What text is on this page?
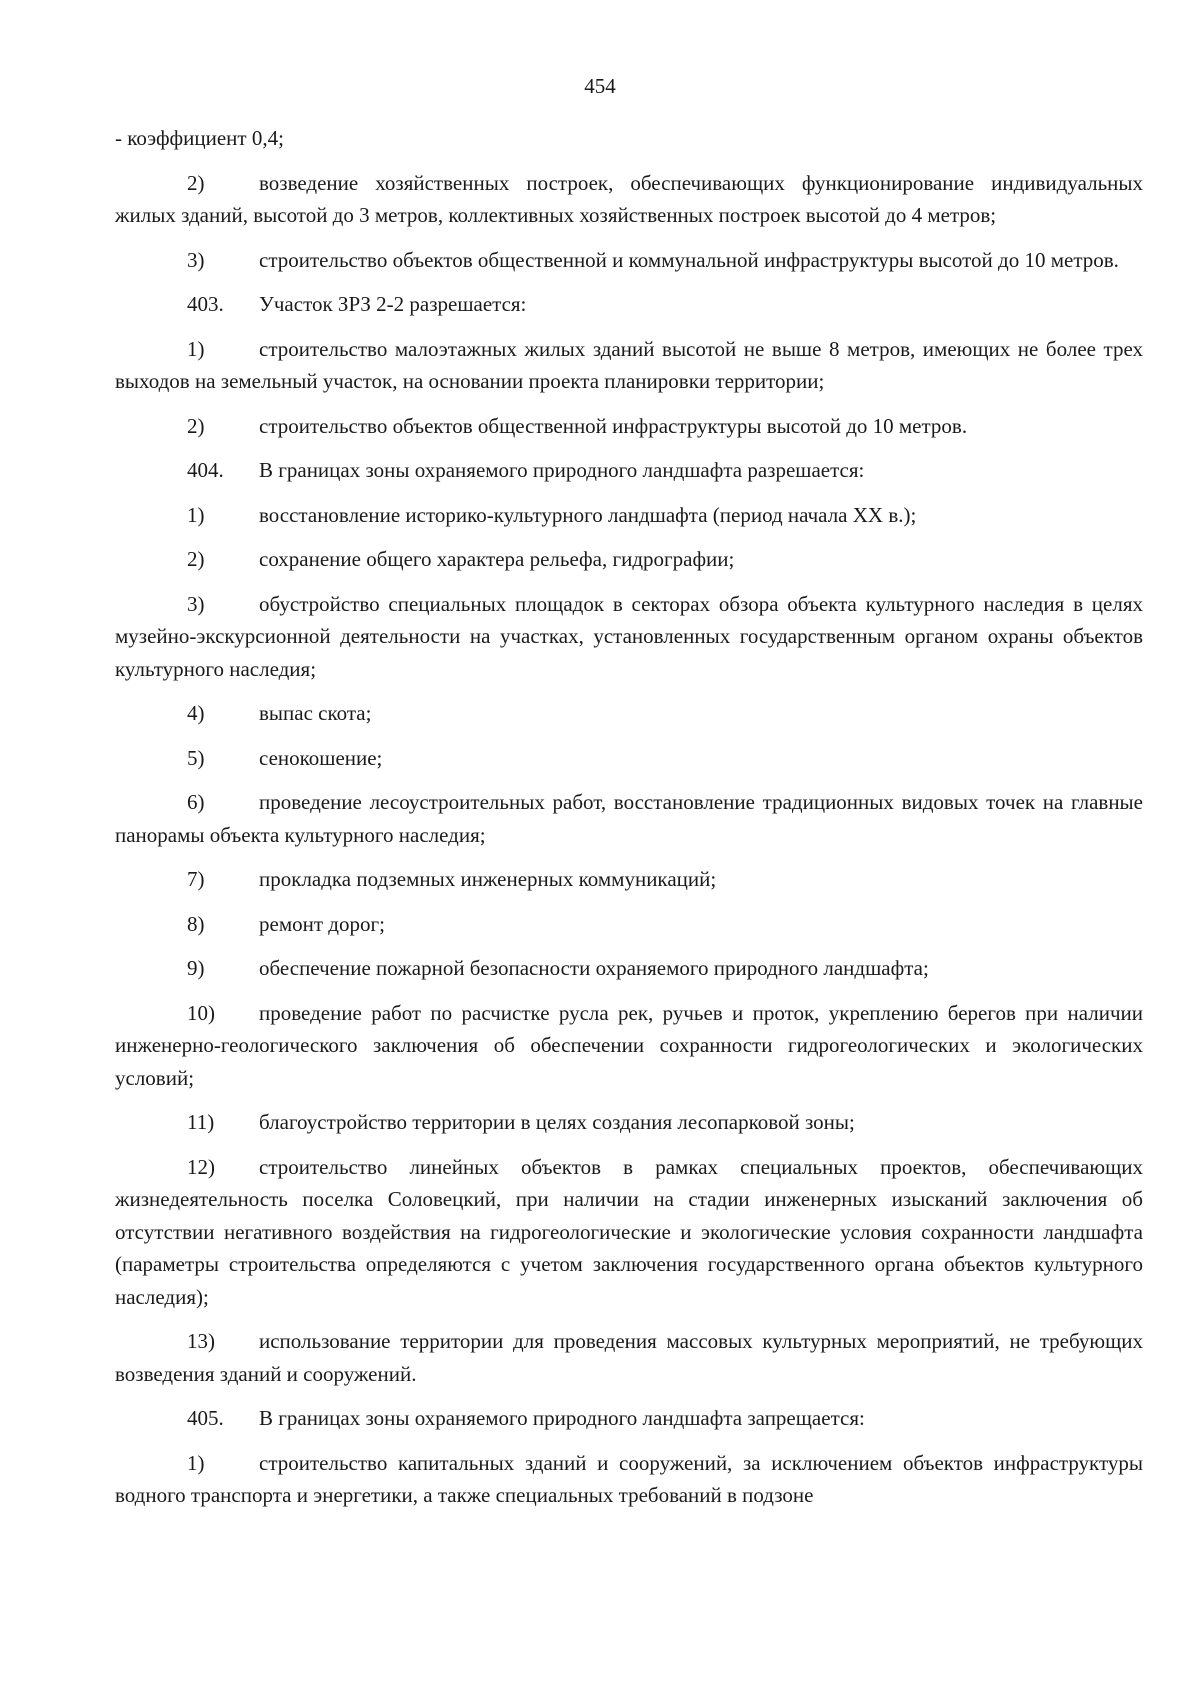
454

- коэффициент 0,4;

2)	возведение хозяйственных построек, обеспечивающих функционирование индивидуальных жилых зданий, высотой до 3 метров, коллективных хозяйственных построек высотой до 4 метров;

3)	строительство объектов общественной и коммунальной инфраструктуры высотой до 10 метров.

403. Участок ЗРЗ 2-2 разрешается:

1)	строительство малоэтажных жилых зданий высотой не выше 8 метров, имеющих не более трех выходов на земельный участок, на основании проекта планировки территории;

2)	строительство объектов общественной инфраструктуры высотой до 10 метров.

404. В границах зоны охраняемого природного ландшафта разрешается:

1)	восстановление историко-культурного ландшафта (период начала XX в.);

2)	сохранение общего характера рельефа, гидрографии;

3)	обустройство специальных площадок в секторах обзора объекта культурного наследия в целях музейно-экскурсионной деятельности на участках, установленных государственным органом охраны объектов культурного наследия;

4)	выпас скота;

5)	сенокошение;

6)	проведение лесоустроительных работ, восстановление традиционных видовых точек на главные панорамы объекта культурного наследия;

7)	прокладка подземных инженерных коммуникаций;

8)	ремонт дорог;

9)	обеспечение пожарной безопасности охраняемого природного ландшафта;

10) проведение работ по расчистке русла рек, ручьев и проток, укреплению берегов при наличии инженерно-геологического заключения об обеспечении сохранности гидрогеологических и экологических условий;

11) благоустройство территории в целях создания лесопарковой зоны;

12) строительство линейных объектов в рамках специальных проектов, обеспечивающих жизнедеятельность поселка Соловецкий, при наличии на стадии инженерных изысканий заключения об отсутствии негативного воздействия на гидрогеологические и экологические условия сохранности ландшафта (параметры строительства определяются с учетом заключения государственного органа объектов культурного наследия);

13) использование территории для проведения массовых культурных мероприятий, не требующих возведения зданий и сооружений.

405. В границах зоны охраняемого природного ландшафта запрещается:

1)	строительство капитальных зданий и сооружений, за исключением объектов инфраструктуры водного транспорта и энергетики, а также специальных требований в подзоне
